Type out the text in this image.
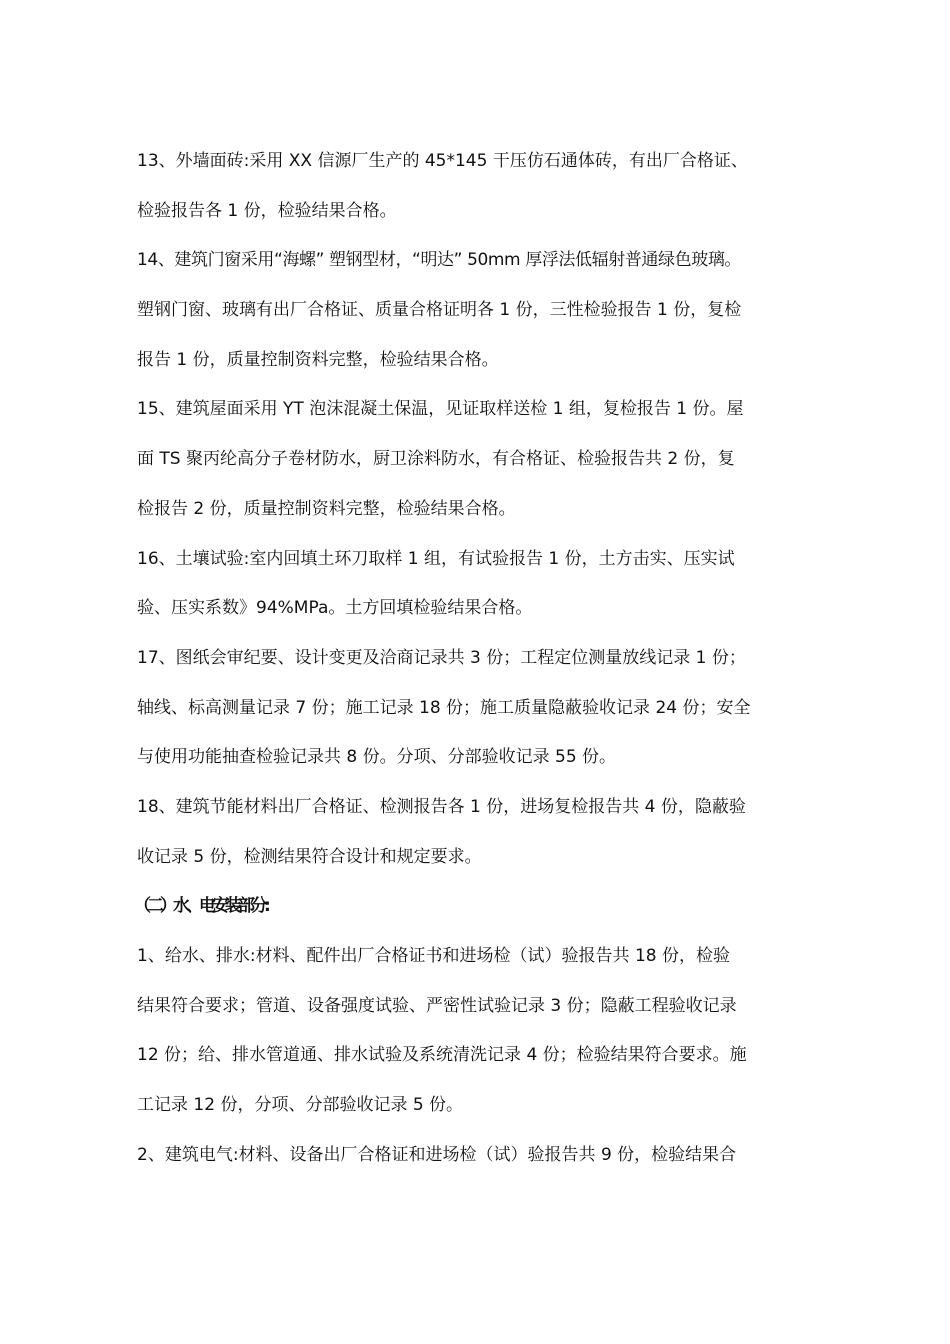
13、外墙面砖:采用 XX 信源厂生产的 45*145 干压仿石通体砖，有出厂合格证、
检验报告各 1 份，检验结果合格。
14、建筑门窗采用“海螺” 塑钢型材，“明达” 50mm 厚浮法低辐射普通绿色玻璃。
塑钢门窗、玻璃有出厂合格证、质量合格证明各 1 份，三性检验报告 1 份，复检
报告 1 份，质量控制资料完整，检验结果合格。
15、建筑屋面采用 YT 泡沫混凝土保温，见证取样送检 1 组，复检报告 1 份。屋
面 TS 聚丙纶高分子卷材防水，厨卫涂料防水，有合格证、检验报告共 2 份，复
检报告 2 份，质量控制资料完整，检验结果合格。
16、土壤试验:室内回填土环刀取样 1 组，有试验报告 1 份，土方击实、压实试
验、压实系数》94%MPa。土方回填检验结果合格。
17、图纸会审纪要、设计变更及洽商记录共 3 份；工程定位测量放线记录 1 份；
轴线、标高测量记录 7 份；施工记录 18 份；施工质量隐蔽验收记录 24 份；安全
与使用功能抽查检验记录共 8 份。分项、分部验收记录 55 份。
18、建筑节能材料出厂合格证、检测报告各 1 份，进场复检报告共 4 份，隐蔽验
收记录 5 份，检测结果符合设计和规定要求。
（二）水、电安装部分:
1、给水、排水:材料、配件出厂合格证书和进场检（试）验报告共 18 份，检验
结果符合要求；管道、设备强度试验、严密性试验记录 3 份；隐蔽工程验收记录
12 份；给、排水管道通、排水试验及系统清洗记录 4 份；检验结果符合要求。施
工记录 12 份，分项、分部验收记录 5 份。
2、建筑电气:材料、设备出厂合格证和进场检（试）验报告共 9 份，检验结果合
